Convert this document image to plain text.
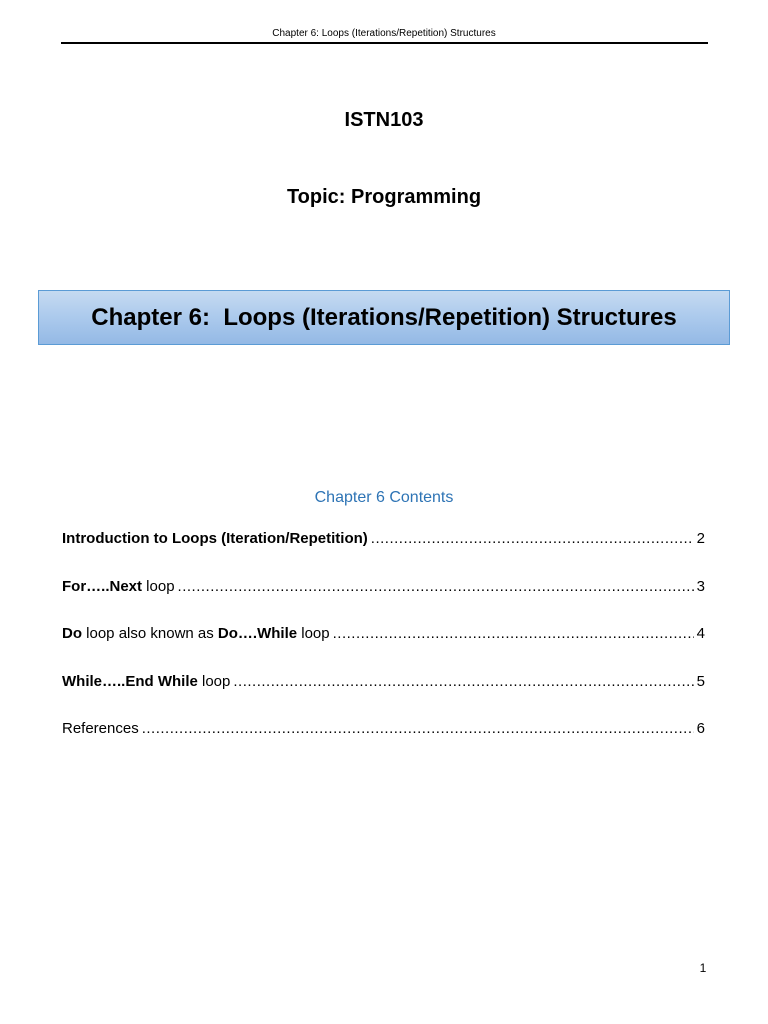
Chapter 6: Loops (Iterations/Repetition) Structures
ISTN103
Topic: Programming
Chapter 6:  Loops (Iterations/Repetition) Structures
Chapter 6 Contents
Introduction to Loops (Iteration/Repetition) .....	2
For…..Next loop .....	3
Do loop also known as Do….While loop .....	4
While…..End While loop .....	5
References .....	6
1
